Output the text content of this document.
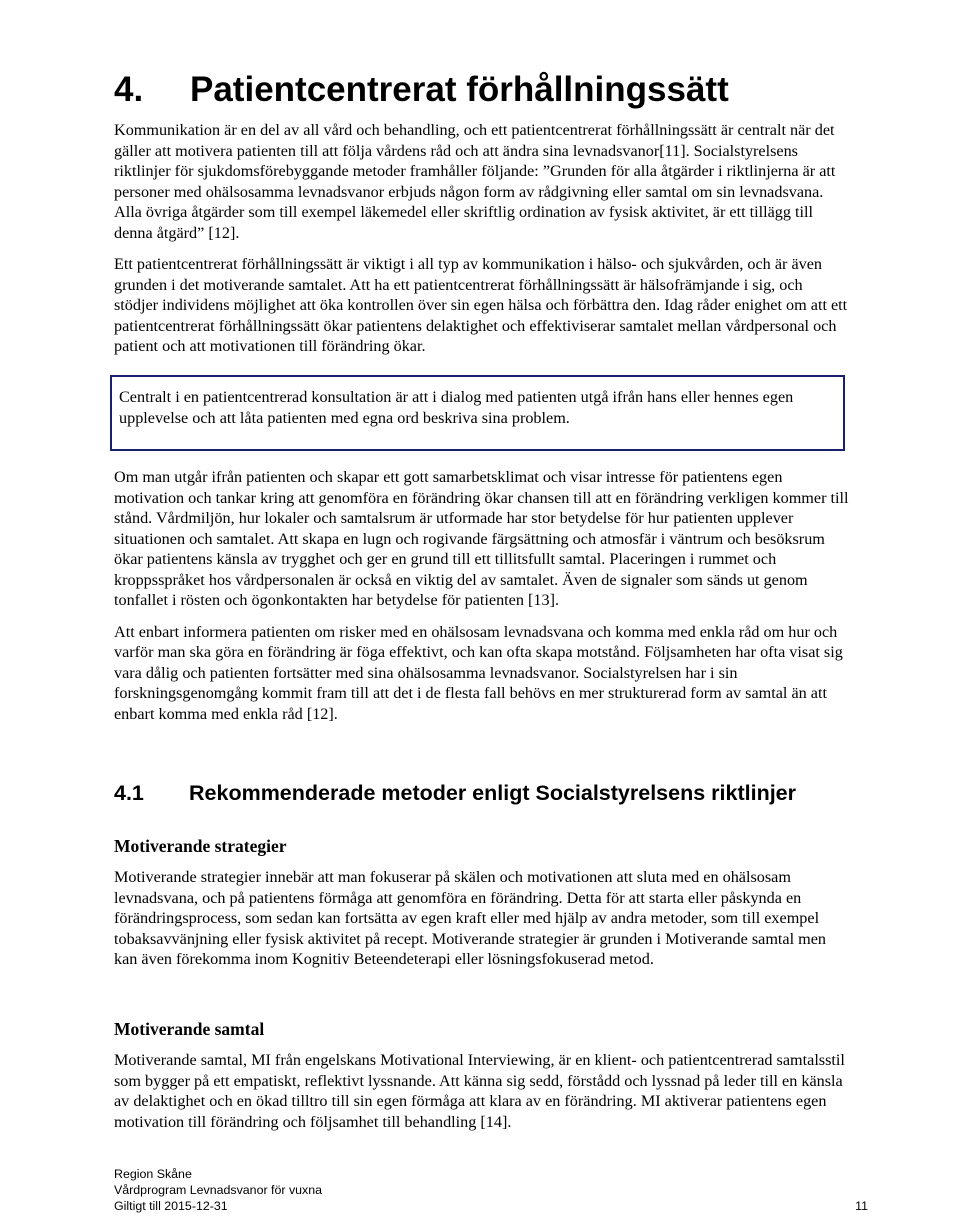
4. Patientcentrerat förhållningssätt

Kommunikation är en del av all vård och behandling, och ett patientcentrerat förhållningssätt är centralt när det gäller att motivera patienten till att följa vårdens råd och att ändra sina levnadsvanor[11]. Socialstyrelsens riktlinjer för sjukdomsförebyggande metoder framhåller följande: ”Grunden för alla åtgärder i riktlinjerna är att personer med ohälsosamma levnadsvanor erbjuds någon form av rådgivning eller samtal om sin levnadsvana. Alla övriga åtgärder som till exempel läkemedel eller skriftlig ordination av fysisk aktivitet, är ett tillägg till denna åtgärd” [12].

Ett patientcentrerat förhållningssätt är viktigt i all typ av kommunikation i hälso- och sjukvården, och är även grunden i det motiverande samtalet. Att ha ett patientcentrerat förhållningssätt är hälsofrämjande i sig, och stödjer individens möjlighet att öka kontrollen över sin egen hälsa och förbättra den. Idag råder enighet om att ett patientcentrerat förhållningssätt ökar patientens delaktighet och effektiviserar samtalet mellan vårdpersonal och patient och att motivationen till förändring ökar.

Centralt i en patientcentrerad konsultation är att i dialog med patienten utgå ifrån hans eller hennes egen upplevelse och att låta patienten med egna ord beskriva sina problem.

Om man utgår ifrån patienten och skapar ett gott samarbetsklimat och visar intresse för patientens egen motivation och tankar kring att genomföra en förändring ökar chansen till att en förändring verkligen kommer till stånd. Vårdmiljön, hur lokaler och samtalsrum är utformade har stor betydelse för hur patienten upplever situationen och samtalet. Att skapa en lugn och rogivande färgsättning och atmosfär i väntrum och besöksrum ökar patientens känsla av trygghet och ger en grund till ett tillitsfullt samtal. Placeringen i rummet och kroppsspråket hos vårdpersonalen är också en viktig del av samtalet. Även de signaler som sänds ut genom tonfallet i rösten och ögonkontakten har betydelse för patienten [13].

Att enbart informera patienten om risker med en ohälsosam levnadsvana och komma med enkla råd om hur och varför man ska göra en förändring är föga effektivt, och kan ofta skapa motstånd. Följsamheten har ofta visat sig vara dålig och patienten fortsätter med sina ohälsosamma levnadsvanor. Socialstyrelsen har i sin forskningsgenomgång kommit fram till att det i de flesta fall behövs en mer strukturerad form av samtal än att enbart komma med enkla råd [12].

4.1 Rekommenderade metoder enligt Socialstyrelsens riktlinjer
Motiverande strategier

Motiverande strategier innebär att man fokuserar på skälen och motivationen att sluta med en ohälsosam levnadsvana, och på patientens förmåga att genomföra en förändring. Detta för att starta eller påskynda en förändringsprocess, som sedan kan fortsätta av egen kraft eller med hjälp av andra metoder, som till exempel tobaksavvänjning eller fysisk aktivitet på recept. Motiverande strategier är grunden i Motiverande samtal men kan även förekomma inom Kognitiv Beteendeterapi eller lösningsfokuserad metod.

Motiverande samtal

Motiverande samtal, MI från engelskans Motivational Interviewing, är en klient- och patientcentrerad samtalsstil som bygger på ett empatiskt, reflektivt lyssnande. Att känna sig sedd, förstådd och lyssnad på leder till en känsla av delaktighet och en ökad tilltro till sin egen förmåga att klara av en förändring. MI aktiverar patientens egen motivation till förändring och följsamhet till behandling [14].

Region Skåne
Vårdprogram Levnadsvanor för vuxna
Giltigt till 2015-12-31	11
